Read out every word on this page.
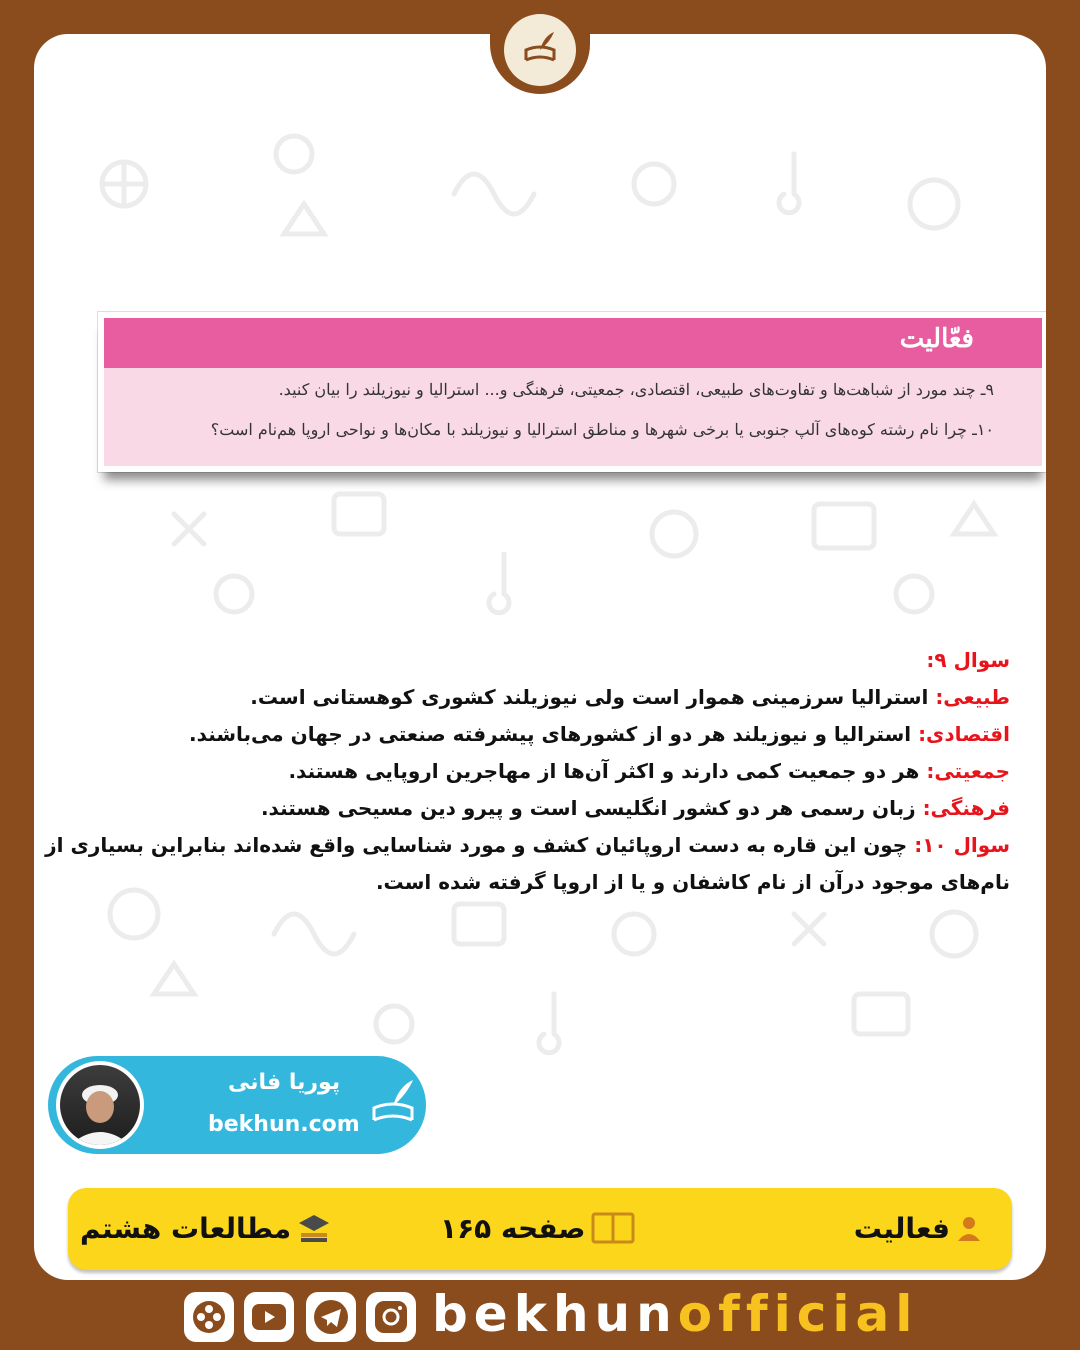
فعّالیت

۹ـ چند مورد از شباهت‌ها و تفاوت‌های طبیعی، اقتصادی، جمعیتی، فرهنگی و... استرالیا و نیوزیلند را بیان کنید.

۱۰ـ چرا نام رشته کوه‌های آلپ جنوبی یا برخی شهرها و مناطق استرالیا و نیوزیلند با مکان‌ها و نواحی اروپا هم‌نام است؟

سوال ۹:

طبیعی: استرالیا سرزمینی هموار است ولی نیوزیلند کشوری کوهستانی است.

اقتصادی: استرالیا و نیوزیلند هر دو از کشورهای پیشرفته صنعتی در جهان می‌باشند.

جمعیتی: هر دو جمعیت کمی دارند و اکثر آن‌ها از مهاجرین اروپایی هستند.

فرهنگی: زبان رسمی هر دو کشور انگلیسی است و پیرو دین مسیحی هستند.

سوال ۱۰: چون این قاره به دست اروپائیان کشف و مورد شناسایی واقع شده‌اند بنابراین بسیاری از نام‌های موجود درآن از نام کاشفان و یا از اروپا گرفته شده است.

پوریا فانی
bekhun.com
فعالیت
صفحه ۱۶۵
مطالعات هشتم
bekhunofficial
